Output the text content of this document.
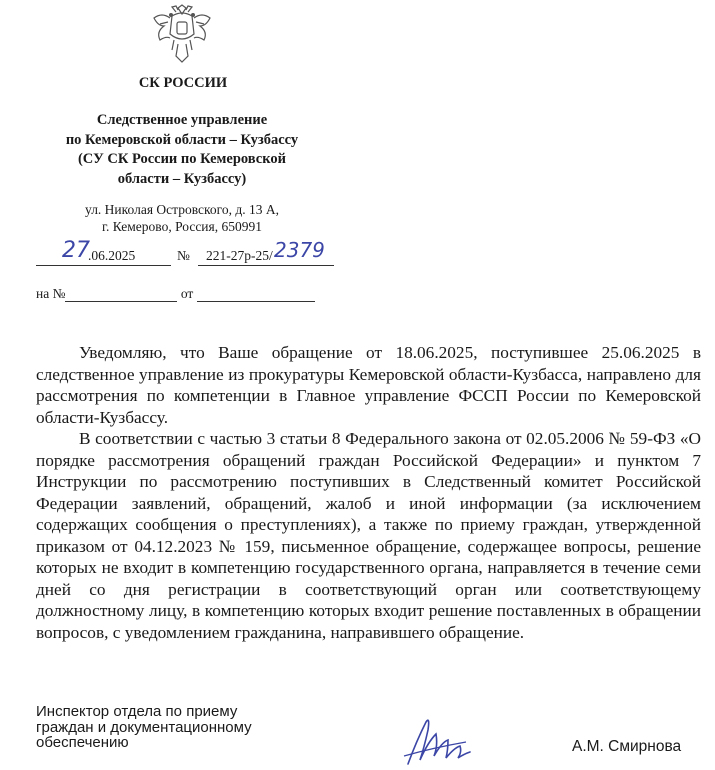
СК РОССИИ
Следственное управление
по Кемеровской области – Кузбассу
(СУ СК России по Кемеровской
области – Кузбассу)
ул. Николая Островского, д. 13 А,
г. Кемерово, Россия, 650991
27
.06.2025	№ 221-27р-25/ 2379
на №	от

Уведомляю, что Ваше обращение от 18.06.2025, поступившее 25.06.2025 в следственное управление из прокуратуры Кемеровской области-Кузбасса, направлено для рассмотрения по компетенции в Главное управление ФССП России по Кемеровской области-Кузбассу.

В соответствии с частью 3 статьи 8 Федерального закона от 02.05.2006 № 59-ФЗ «О порядке рассмотрения обращений граждан Российской Федерации» и пунктом 7 Инструкции по рассмотрению поступивших в Следственный комитет Российской Федерации заявлений, обращений, жалоб и иной информации (за исключением содержащих сообщения о преступлениях), а также по приему граждан, утвержденной приказом от 04.12.2023 № 159, письменное обращение, содержащее вопросы, решение которых не входит в компетенцию государственного органа, направляется в течение семи дней со дня регистрации в соответствующий орган или соответствующему должностному лицу, в компетенцию которых входит решение поставленных в обращении вопросов, с уведомлением гражданина, направившего обращение.

Инспектор отдела по приему
граждан и документационному
обеспечению	А.М. Смирнова
